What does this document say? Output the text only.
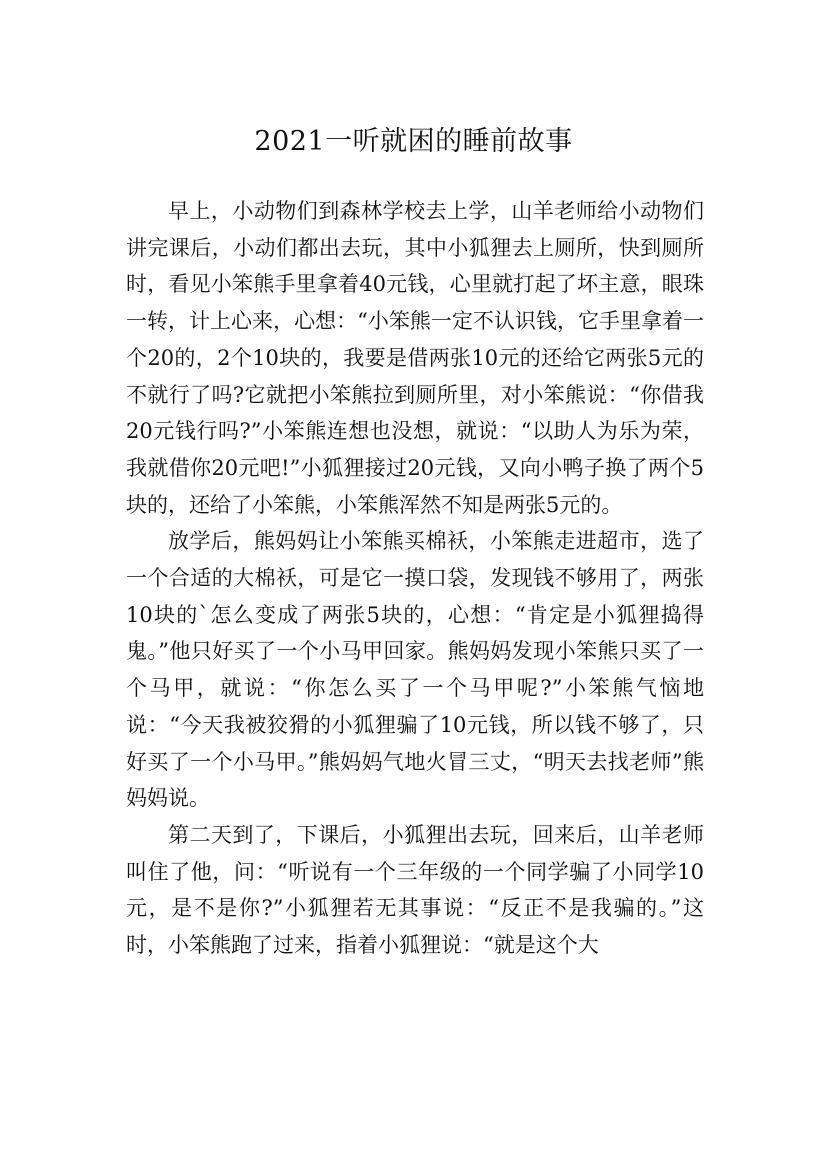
2021一听就困的睡前故事

早上，小动物们到森林学校去上学，山羊老师给小动物们讲完课后，小动们都出去玩，其中小狐狸去上厕所，快到厕所时，看见小笨熊手里拿着40元钱，心里就打起了坏主意，眼珠一转，计上心来，心想：“小笨熊一定不认识钱，它手里拿着一个20的，2个10块的，我要是借两张10元的还给它两张5元的不就行了吗?它就把小笨熊拉到厕所里，对小笨熊说：“你借我20元钱行吗?”小笨熊连想也没想，就说：“以助人为乐为荣，我就借你20元吧!”小狐狸接过20元钱，又向小鸭子换了两个5块的，还给了小笨熊，小笨熊浑然不知是两张5元的。

放学后，熊妈妈让小笨熊买棉袄，小笨熊走进超市，选了一个合适的大棉袄，可是它一摸口袋，发现钱不够用了，两张10块的`怎么变成了两张5块的，心想：“肯定是小狐狸捣得鬼。”他只好买了一个小马甲回家。熊妈妈发现小笨熊只买了一个马甲，就说：“你怎么买了一个马甲呢?”小笨熊气恼地说：“今天我被狡猾的小狐狸骗了10元钱，所以钱不够了，只好买了一个小马甲。”熊妈妈气地火冒三丈，“明天去找老师”熊妈妈说。

第二天到了，下课后，小狐狸出去玩，回来后，山羊老师叫住了他，问：“听说有一个三年级的一个同学骗了小同学10元，是不是你?”小狐狸若无其事说：“反正不是我骗的。”这时，小笨熊跑了过来，指着小狐狸说：“就是这个大
